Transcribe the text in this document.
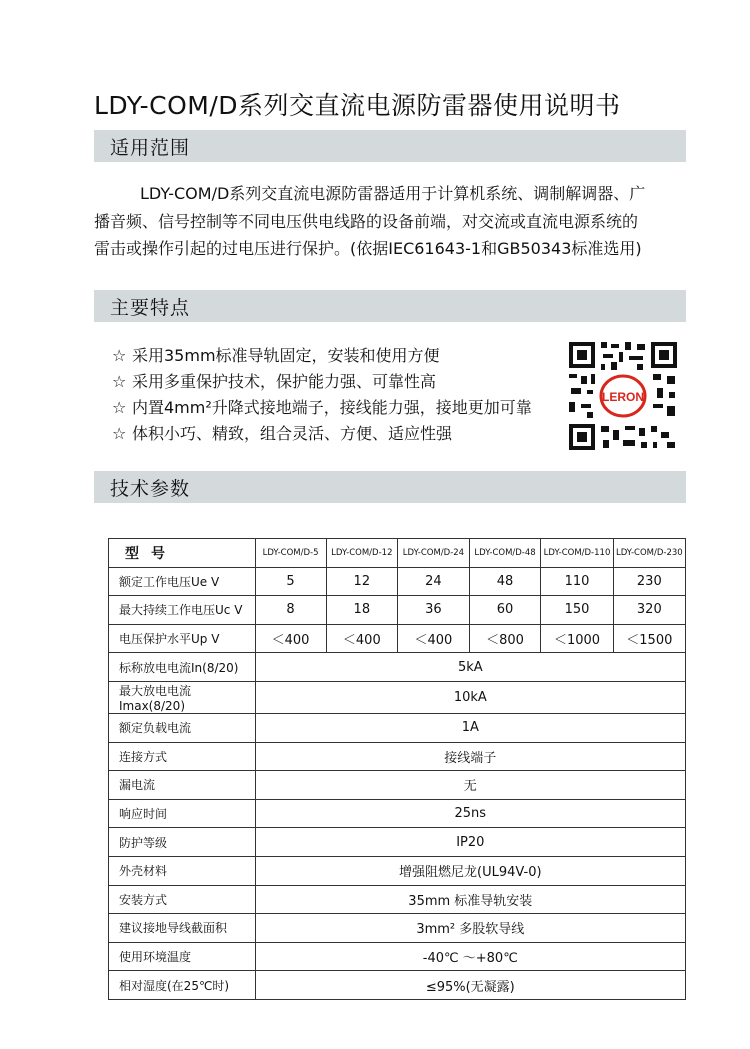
LDY-COM/D系列交直流电源防雷器使用说明书
适用范围
LDY-COM/D系列交直流电源防雷器适用于计算机系统、调制解调器、广
播音频、信号控制等不同电压供电线路的设备前端，对交流或直流电源系统的
雷击或操作引起的过电压进行保护。(依据IEC61643-1和GB50343标准选用)
主要特点
☆ 采用35mm标准导轨固定，安装和使用方便
☆ 采用多重保护技术，保护能力强、可靠性高
☆ 内置4mm²升降式接地端子，接线能力强，接地更加可靠
☆ 体积小巧、精致，组合灵活、方便、适应性强
LERON
技术参数
型号	LDY-COM/D-5	LDY-COM/D-12	LDY-COM/D-24	LDY-COM/D-48	LDY-COM/D-110	LDY-COM/D-230
额定工作电压Ue V	5	12	24	48	110	230
最大持续工作电压Uc V	8	18	36	60	150	320
电压保护水平Up V	＜400	＜400	＜400	＜800	＜1000	＜1500
标称放电电流In(8/20)	5kA					
最大放电电流Imax(8/20)	10kA					
额定负载电流	1A					
连接方式	接线端子					
漏电流	无					
响应时间	25ns					
防护等级	IP20					
外壳材料	增强阻燃尼龙(UL94V-0)					
安装方式	35mm 标准导轨安装					
建议接地导线截面积	3mm² 多股软导线					
使用环境温度	-40℃ ～+80℃					
相对湿度(在25℃时)	≤95%(无凝露)					
